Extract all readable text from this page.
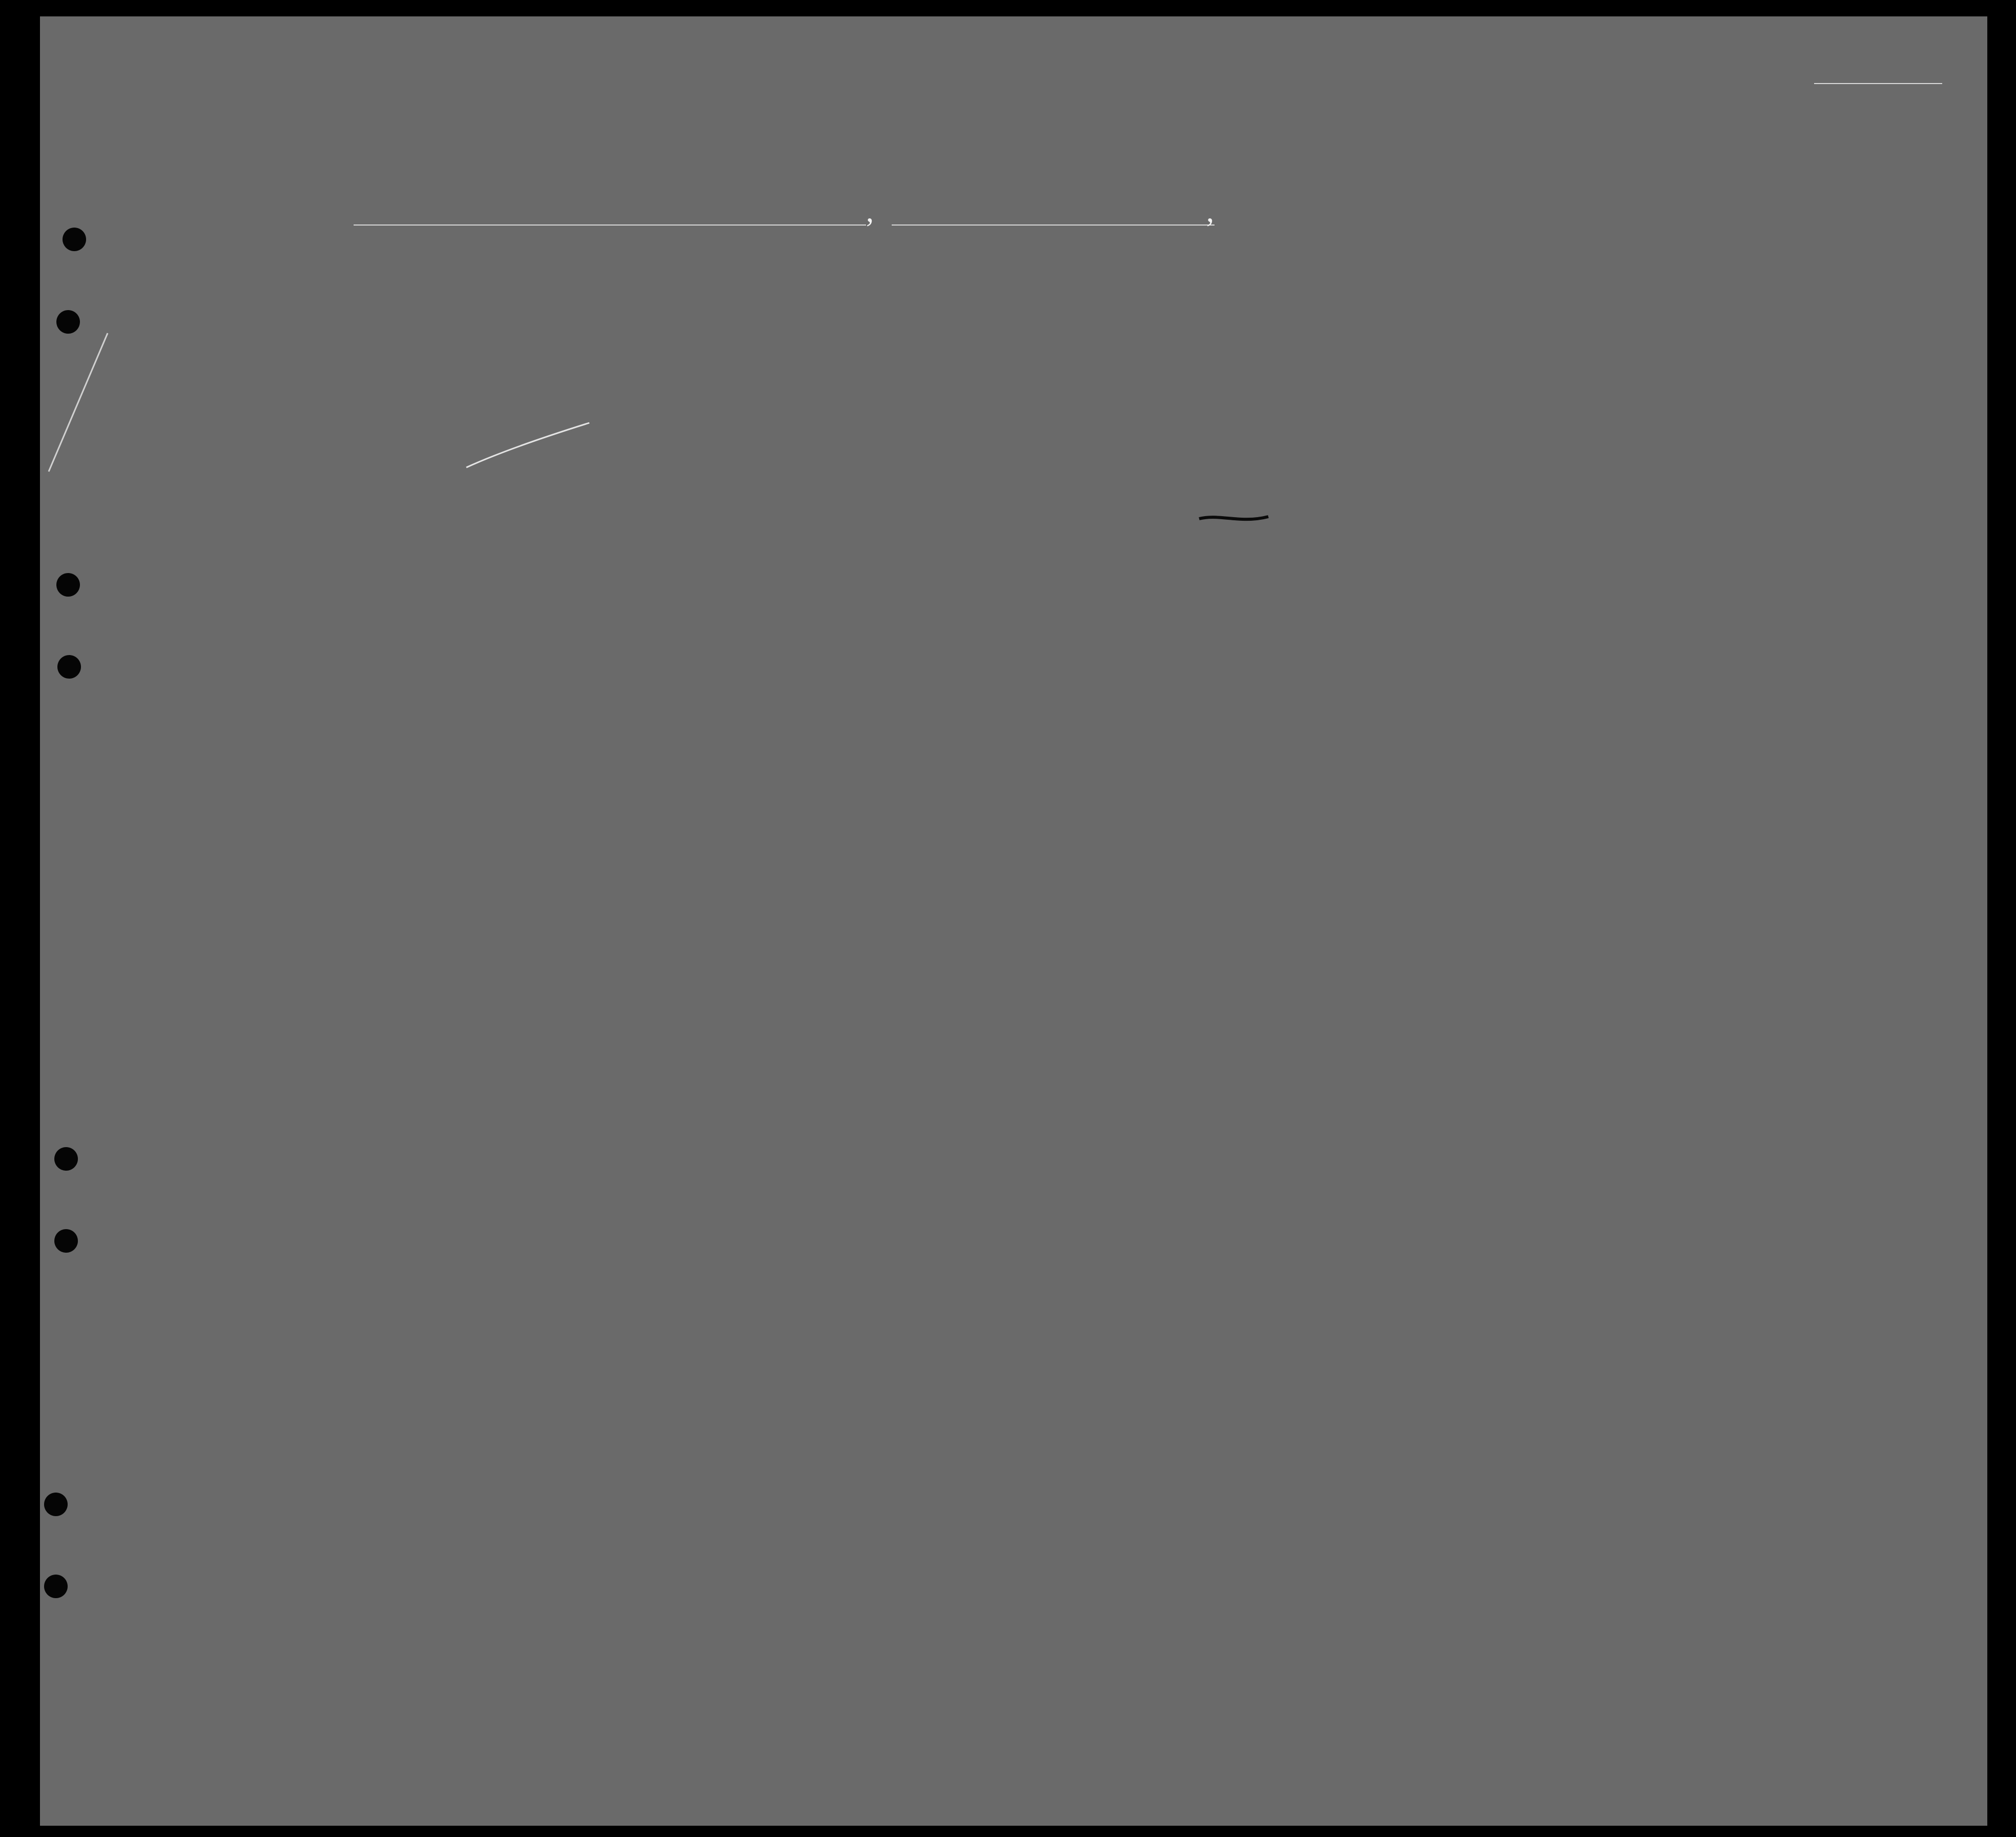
,	,
